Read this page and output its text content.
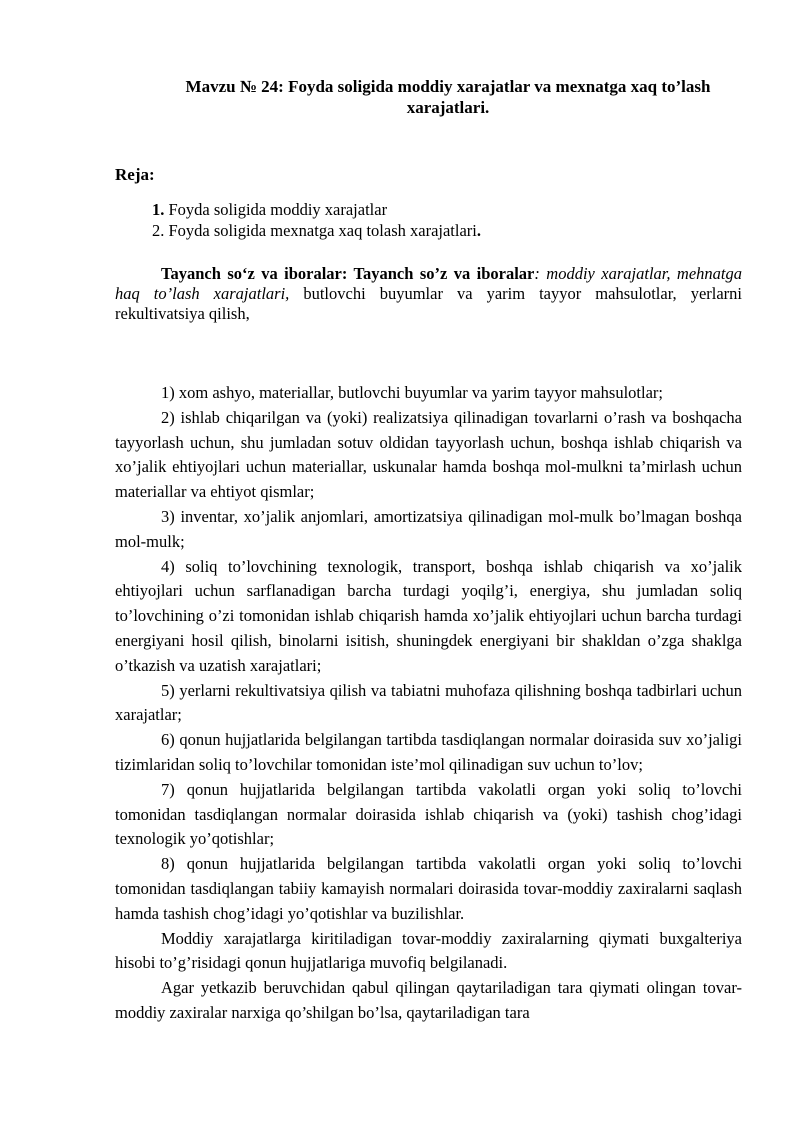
Mavzu № 24: Foyda soligida moddiy xarajatlar va mexnatga xaq to’lash xarajatlari.
Reja:
1. Foyda soligida moddiy xarajatlar
2. Foyda soligida mexnatga xaq tolash xarajatlari.
Tayanch so‘z va iboralar: Tayanch so’z va iboralar: moddiy xarajatlar, mehnatga haq to’lash xarajatlari, butlovchi buyumlar va yarim tayyor mahsulotlar, yerlarni rekultivatsiya qilish,

1) xom ashyo, materiallar, butlovchi buyumlar va yarim tayyor mahsulotlar;

2) ishlab chiqarilgan va (yoki) realizatsiya qilinadigan tovarlarni o’rash va boshqacha tayyorlash uchun, shu jumladan sotuv oldidan tayyorlash uchun, boshqa ishlab chiqarish va xo’jalik ehtiyojlari uchun materiallar, uskunalar hamda boshqa mol-mulkni ta’mirlash uchun materiallar va ehtiyot qismlar;

3) inventar, xo’jalik anjomlari, amortizatsiya qilinadigan mol-mulk bo’lmagan boshqa mol-mulk;

4) soliq to’lovchining texnologik, transport, boshqa ishlab chiqarish va xo’jalik ehtiyojlari uchun sarflanadigan barcha turdagi yoqilg’i, energiya, shu jumladan soliq to’lovchining o’zi tomonidan ishlab chiqarish hamda xo’jalik ehtiyojlari uchun barcha turdagi energiyani hosil qilish, binolarni isitish, shuningdek energiyani bir shakldan o’zga shaklga o’tkazish va uzatish xarajatlari;

5) yerlarni rekultivatsiya qilish va tabiatni muhofaza qilishning boshqa tadbirlari uchun xarajatlar;

6) qonun hujjatlarida belgilangan tartibda tasdiqlangan normalar doirasida suv xo’jaligi tizimlaridan soliq to’lovchilar tomonidan iste’mol qilinadigan suv uchun to’lov;

7) qonun hujjatlarida belgilangan tartibda vakolatli organ yoki soliq to’lovchi tomonidan tasdiqlangan normalar doirasida ishlab chiqarish va (yoki) tashish chog’idagi texnologik yo’qotishlar;

8) qonun hujjatlarida belgilangan tartibda vakolatli organ yoki soliq to’lovchi tomonidan tasdiqlangan tabiiy kamayish normalari doirasida tovar-moddiy zaxiralarni saqlash hamda tashish chog’idagi yo’qotishlar va buzilishlar.

Moddiy xarajatlarga kiritiladigan tovar-moddiy zaxiralarning qiymati buxgalteriya hisobi to’g’risidagi qonun hujjatlariga muvofiq belgilanadi.

Agar yetkazib beruvchidan qabul qilingan qaytariladigan tara qiymati olingan tovar-moddiy zaxiralar narxiga qo’shilgan bo’lsa, qaytariladigan tara
